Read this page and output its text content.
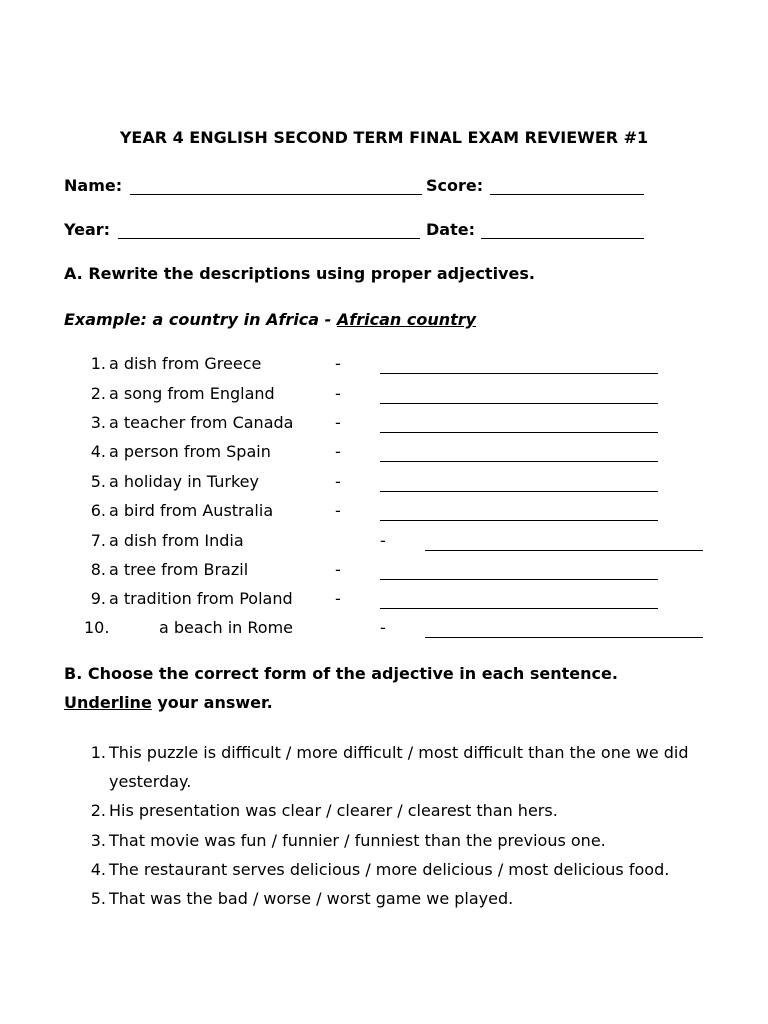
YEAR 4 ENGLISH SECOND TERM FINAL EXAM REVIEWER #1
Name:	Score:
Year:	Date:
A. Rewrite the descriptions using proper adjectives.
Example: a country in Africa - African country
1. a dish from Greece	-
2. a song from England	-
3. a teacher from Canada	-
4. a person from Spain	-
5. a holiday in Turkey	-
6. a bird from Australia	-
7. a dish from India	-
8. a tree from Brazil	-
9. a tradition from Poland	-
10.	a beach in Rome	-
B. Choose the correct form of the adjective in each sentence.
Underline your answer.
1. This puzzle is difficult / more difficult / most difficult than the one we did yesterday.
2. His presentation was clear / clearer / clearest than hers.
3. That movie was fun / funnier / funniest than the previous one.
4. The restaurant serves delicious / more delicious / most delicious food.
5. That was the bad / worse / worst game we played.
